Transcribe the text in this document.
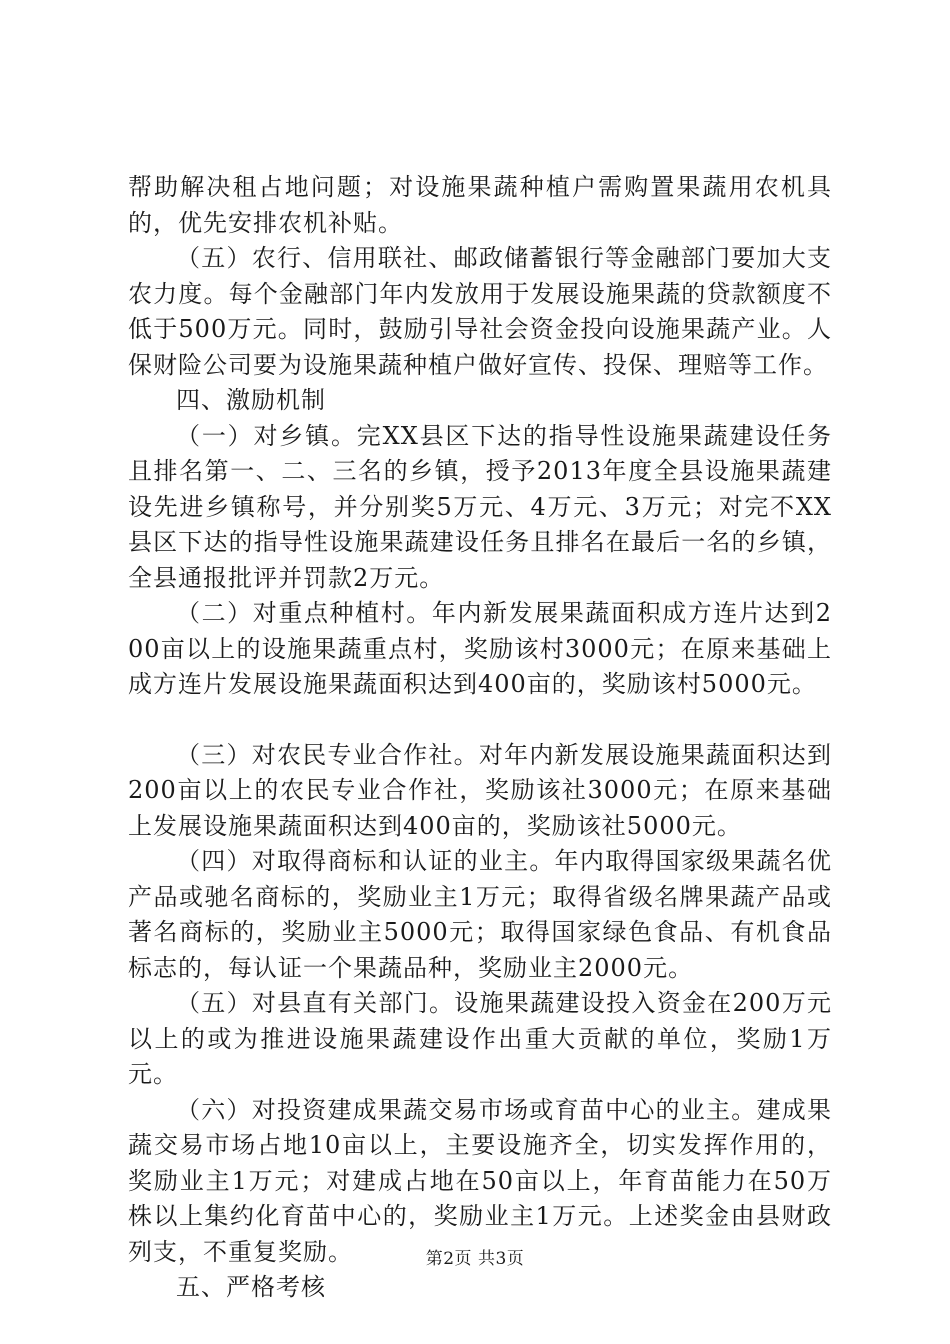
帮助解决租占地问题；对设施果蔬种植户需购置果蔬用农机具的，优先安排农机补贴。

（五）农行、信用联社、邮政储蓄银行等金融部门要加大支农力度。每个金融部门年内发放用于发展设施果蔬的贷款额度不低于500万元。同时，鼓励引导社会资金投向设施果蔬产业。人保财险公司要为设施果蔬种植户做好宣传、投保、理赔等工作。

四、激励机制

（一）对乡镇。完XX县区下达的指导性设施果蔬建设任务且排名第一、二、三名的乡镇，授予2013年度全县设施果蔬建设先进乡镇称号，并分别奖5万元、4万元、3万元；对完不XX县区下达的指导性设施果蔬建设任务且排名在最后一名的乡镇，全县通报批评并罚款2万元。

（二）对重点种植村。年内新发展果蔬面积成方连片达到200亩以上的设施果蔬重点村，奖励该村3000元；在原来基础上成方连片发展设施果蔬面积达到400亩的，奖励该村5000元。

（三）对农民专业合作社。对年内新发展设施果蔬面积达到200亩以上的农民专业合作社，奖励该社3000元；在原来基础上发展设施果蔬面积达到400亩的，奖励该社5000元。

（四）对取得商标和认证的业主。年内取得国家级果蔬名优产品或驰名商标的，奖励业主1万元；取得省级名牌果蔬产品或著名商标的，奖励业主5000元；取得国家绿色食品、有机食品标志的，每认证一个果蔬品种，奖励业主2000元。

（五）对县直有关部门。设施果蔬建设投入资金在200万元以上的或为推进设施果蔬建设作出重大贡献的单位，奖励1万元。

（六）对投资建成果蔬交易市场或育苗中心的业主。建成果蔬交易市场占地10亩以上，主要设施齐全，切实发挥作用的，奖励业主1万元；对建成占地在50亩以上，年育苗能力在50万株以上集约化育苗中心的，奖励业主1万元。上述奖金由县财政列支，不重复奖励。

五、严格考核

第2页 共3页
